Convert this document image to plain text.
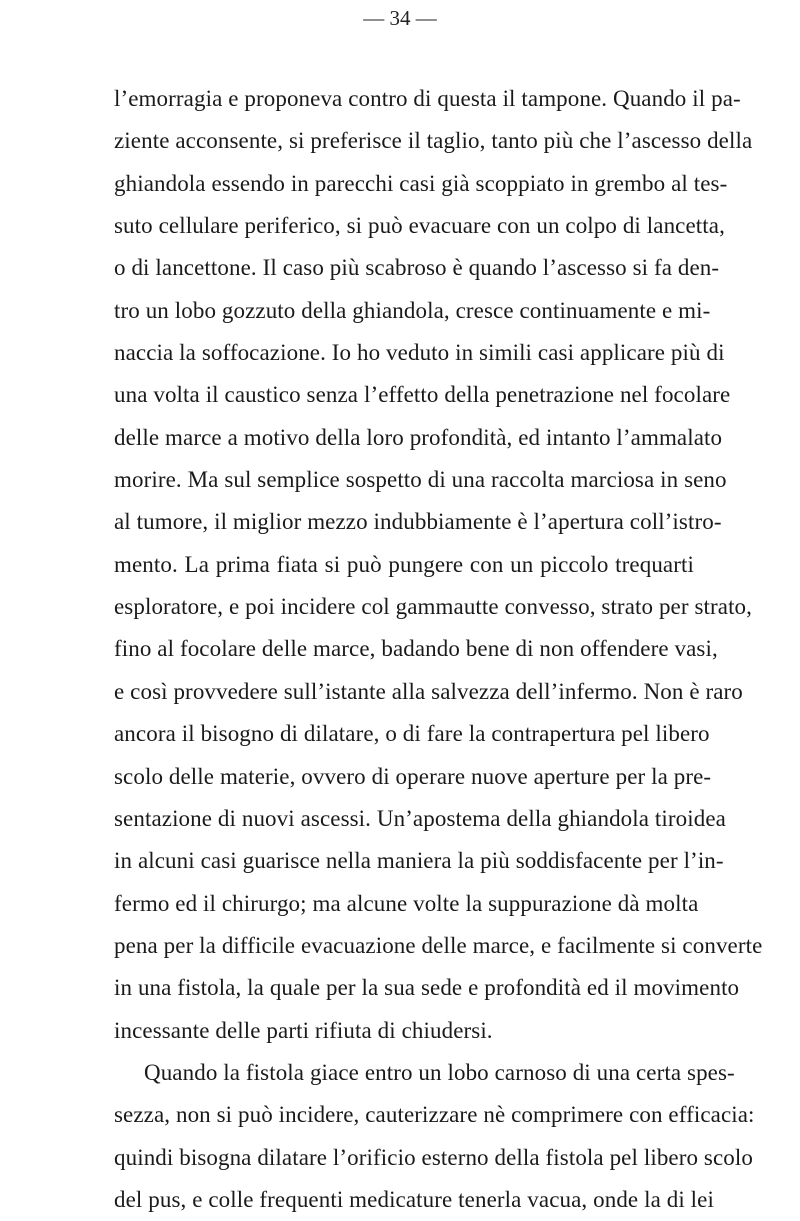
— 34 —
l’emorragia e proponeva contro di questa il tampone. Quando il pa-
ziente acconsente, si preferisce il taglio, tanto più che l’ascesso della
ghiandola essendo in parecchi casi già scoppiato in grembo al tes-
suto cellulare periferico, si può evacuare con un colpo di lancetta,
o di lancettone. Il caso più scabroso è quando l’ascesso si fa den-
tro un lobo gozzuto della ghiandola, cresce continuamente e mi-
naccia la soffocazione. Io ho veduto in simili casi applicare più di
una volta il caustico senza l’effetto della penetrazione nel focolare
delle marce a motivo della loro profondità, ed intanto l’ammalato
morire. Ma sul semplice sospetto di una raccolta marciosa in seno
al tumore, il miglior mezzo indubbiamente è l’apertura coll’istro-
mento. La prima fiata si può pungere con un piccolo trequarti
esploratore, e poi incidere col gammautte convesso, strato per strato,
fino al focolare delle marce, badando bene di non offendere vasi,
e così provvedere sull’istante alla salvezza dell’infermo. Non è raro
ancora il bisogno di dilatare, o di fare la contrapertura pel libero
scolo delle materie, ovvero di operare nuove aperture per la pre-
sentazione di nuovi ascessi. Un’apostema della ghiandola tiroidea
in alcuni casi guarisce nella maniera la più soddisfacente per l’in-
fermo ed il chirurgo; ma alcune volte la suppurazione dà molta
pena per la difficile evacuazione delle marce, e facilmente si converte
in una fistola, la quale per la sua sede e profondità ed il movimento
incessante delle parti rifiuta di chiudersi.
Quando la fistola giace entro un lobo carnoso di una certa spes-
sezza, non si può incidere, cauterizzare nè comprimere con efficacia:
quindi bisogna dilatare l’orificio esterno della fistola pel libero scolo
del pus, e colle frequenti medicature tenerla vacua, onde la di lei
